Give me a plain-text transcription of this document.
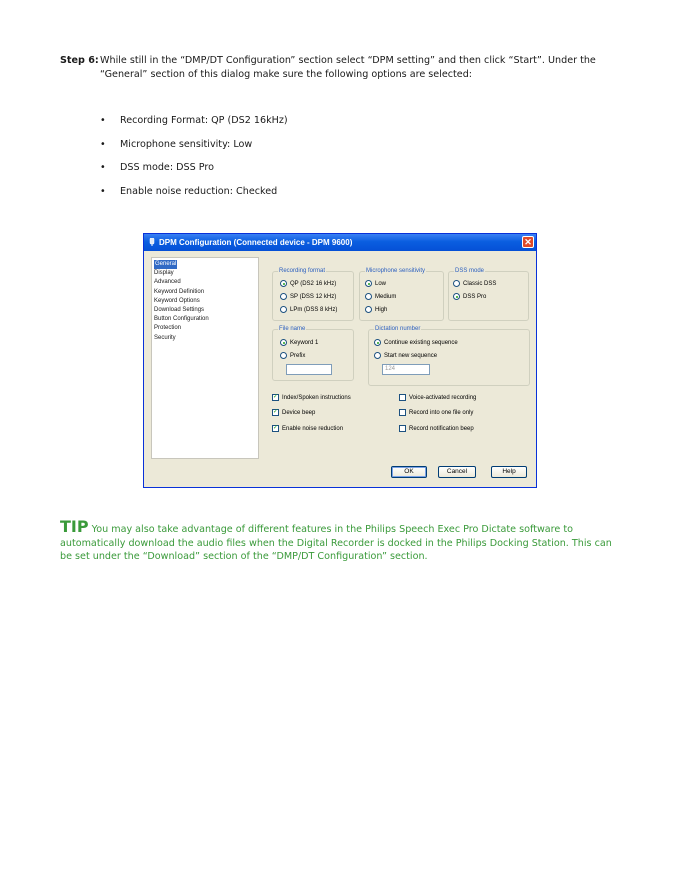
Step 6: While still in the “DMP/DT Configuration” section select “DPM setting” and then click “Start”. Under the “General” section of this dialog make sure the following options are selected:
• Recording Format: QP (DS2 16kHz)
• Microphone sensitivity: Low
• DSS mode: DSS Pro
• Enable noise reduction: Checked
DPM Configuration (Connected device - DPM 9600)	✕
General
Display
Advanced
Keyword Definition
Keyword Options
Download Settings
Button Configuration
Protection
Security
Recording format
QP (DS2 16 kHz)
SP (DSS 12 kHz)
LPm (DSS 8 kHz)
Microphone sensitivity
Low
Medium
High
DSS mode
Classic DSS
DSS Pro
File name
Keyword 1
Prefix
Dictation number
Continue existing sequence
Start new sequence
124
✓ Index/Spoken instructions
✓ Device beep
✓ Enable noise reduction
Voice-activated recording
Record into one file only
Record notification beep
OK	Cancel	Help
TIP You may also take advantage of different features in the Philips Speech Exec Pro Dictate software to automatically download the audio files when the Digital Recorder is docked in the Philips Docking Station. This can be set under the “Download” section of the “DMP/DT Configuration” section.
